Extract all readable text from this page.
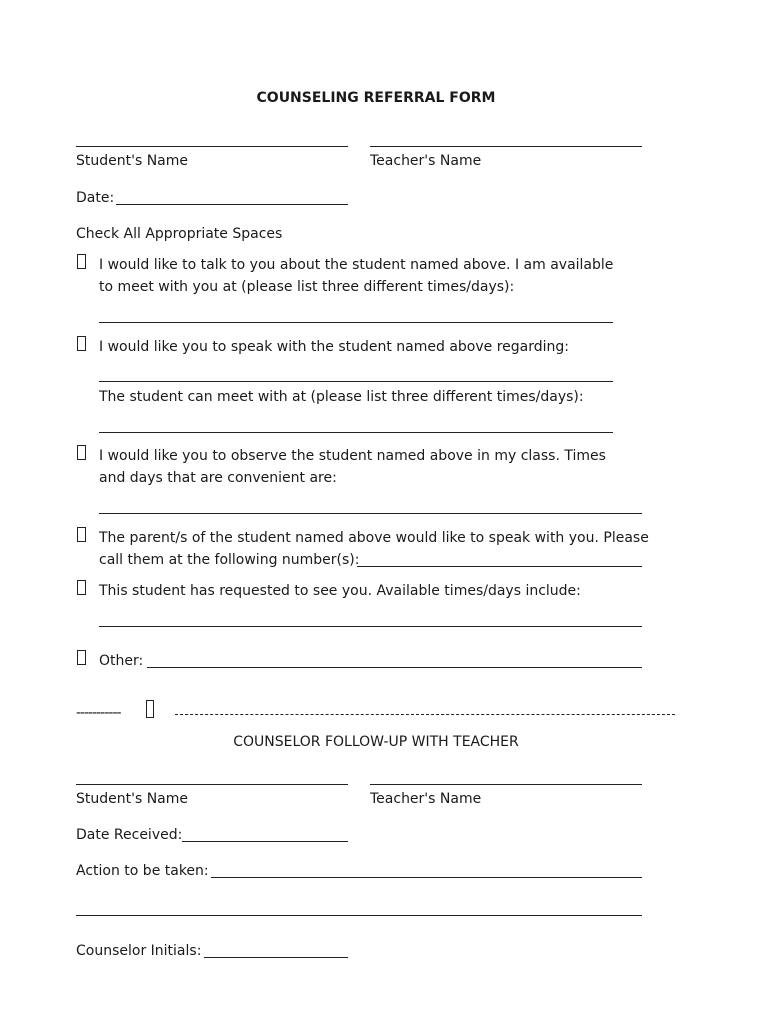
COUNSELING REFERRAL FORM
Student's Name	Teacher's Name
Date:
Check All Appropriate Spaces
I would like to talk to you about the student named above. I am available
to meet with you at (please list three different times/days):
I would like you to speak with the student named above regarding:
The student can meet with at (please list three different times/days):
I would like you to observe the student named above in my class. Times
and days that are convenient are:
The parent/s of the student named above would like to speak with you. Please
call them at the following number(s):
This student has requested to see you. Available times/days include:
Other:
-----------
COUNSELOR FOLLOW-UP WITH TEACHER
Student's Name	Teacher's Name
Date Received:
Action to be taken:
Counselor Initials:
